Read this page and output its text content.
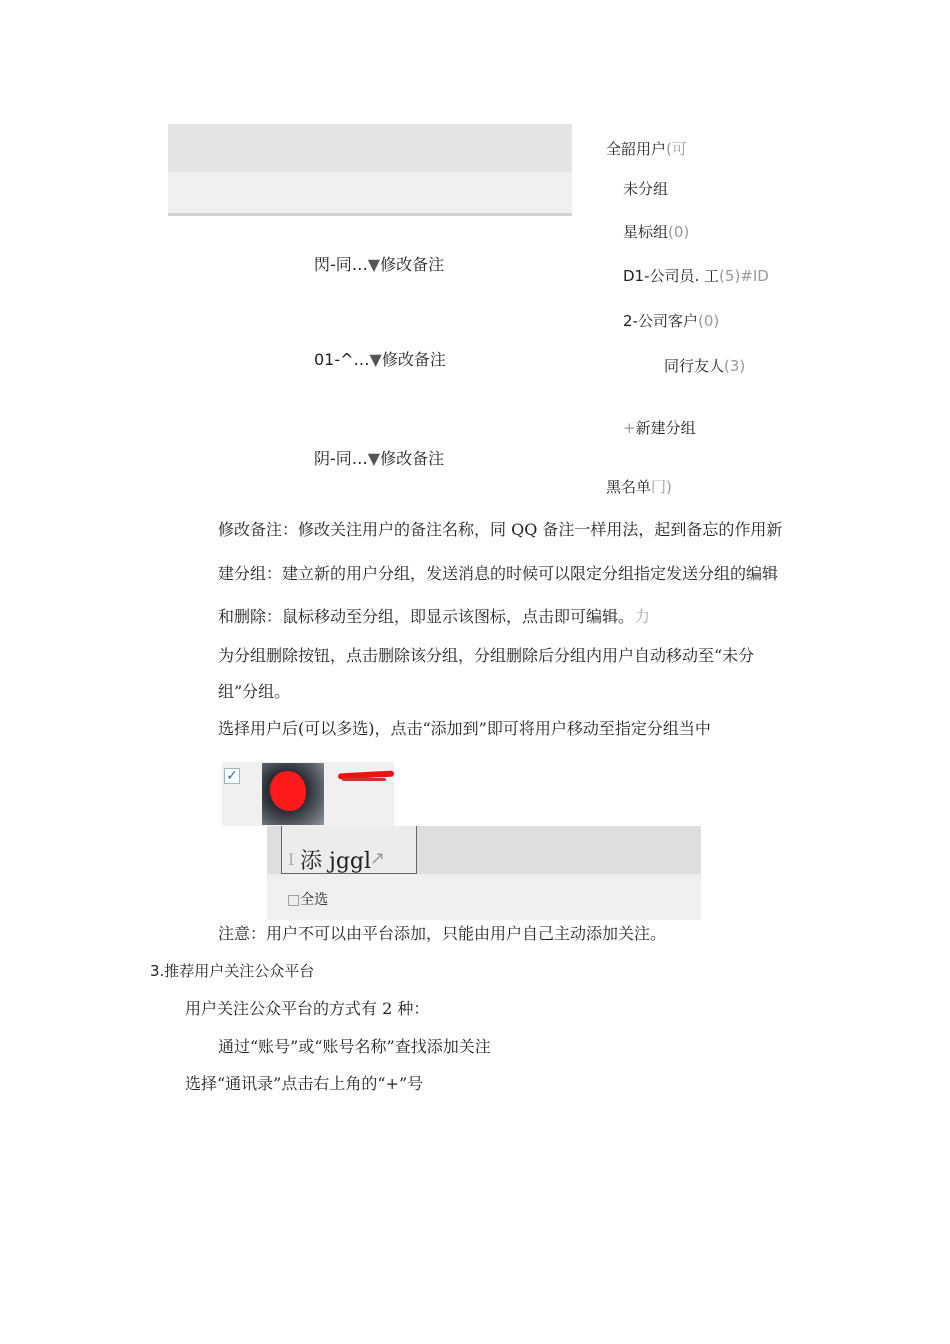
閃-同…▼修改备注
01-^…▼修改备注
阴-同…▼修改备注
全韶用户(可
未分组
星标组(0)
D1-公司员. 工(5)#ID
2-公司客户(0)
同行友人(3)
+新建分组
黑名单冂)
修改备注：修改关注用户的备注名称，同 QQ 备注一样用法，起到备忘的作用新
建分组：建立新的用户分组，发送消息的时候可以限定分组指定发送分组的编辑
和删除：鼠标移动至分组，即显示该图标，点击即可编辑。力
为分组删除按钮，点击删除该分组，分组删除后分组内用户自动移动至“未分
组”分组。
选择用户后(可以多选)，点击“添加到”即可将用户移动至指定分组当中
✓
I 添 jggl
↗
□全选
注意：用户不可以由平台添加，只能由用户自己主动添加关注。
3.推荐用户关注公众平台
用户关注公众平台的方式有 2 种：
通过“账号”或“账号名称”查找添加关注
选择“通讯录”点击右上角的“+”号
